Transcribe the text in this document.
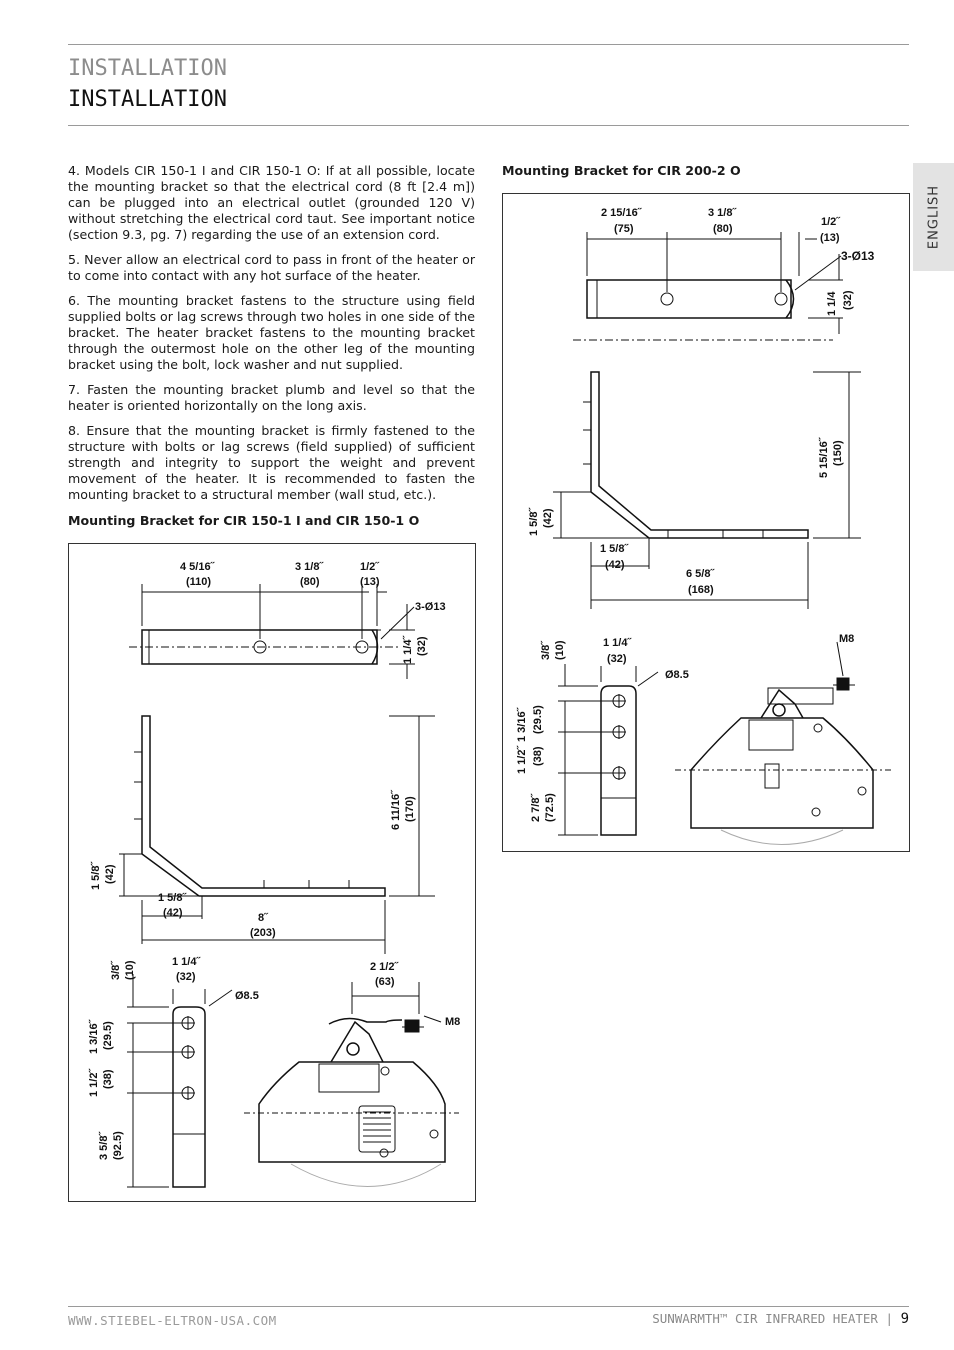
INSTALLATION
INSTALLATION
ENGLISH

4. Models CIR 150-1 I and CIR 150-1 O: If at all possible, locate the mounting bracket so that the electrical cord (8 ft [2.4 m]) can be plugged into an electrical outlet (grounded 120 V) without stretching the electrical cord taut. See important notice (section 9.3, pg. 7) regarding the use of an extension cord.

5. Never allow an electrical cord to pass in front of the heater or to come into contact with any hot surface of the heater.

6. The mounting bracket fastens to the structure using field supplied bolts or lag screws through two holes in one side of the bracket. The heater bracket fastens to the mounting bracket through the outermost hole on the other leg of the mounting bracket using the bolt, lock washer and nut supplied.

7. Fasten the mounting bracket plumb and level so that the heater is oriented horizontally on the long axis.

8. Ensure that the mounting bracket is firmly fastened to the structure with bolts or lag screws (field supplied) of sufficient strength and integrity to support the weight and prevent movement of the heater. It is recommended to fasten the mounting bracket to a structural member (wall stud, etc.).

Mounting Bracket for CIR 150-1 I and CIR 150-1 O
Mounting Bracket for CIR 200-2 O
4 5/16˝
(110)
3 1/8˝
(80)
1/2˝
(13)
3-Ø13
1 1/4˝ (32)
6 11/16˝ (170)
1 5/8˝ (42)
1 5/8˝
(42)	8˝
(203)
3/8˝ (10)	1 1/4˝
(32)
Ø8.5
1 3/16˝ (29.5)
1 1/2˝ (38)
3 5/8˝ (92.5)
2 1/2˝
(63)
M8
2 15/16˝
(75)
3 1/8˝
(80)
1/2˝
(13)
3-Ø13
1 1/4 (32)
5 15/16˝ (150)
1 5/8˝ (42)
1 5/8˝
(42)
6 5/8˝
(168)
3/8˝ (10)	1 1/4˝
(32)
Ø8.5
1 3/16˝ (29.5)
1 1/2˝ (38)
2 7/8˝ (72.5)
M8
WWW.STIEBEL-ELTRON-USA.COM	SUNWARMTH™ CIR INFRARED HEATER | 9
